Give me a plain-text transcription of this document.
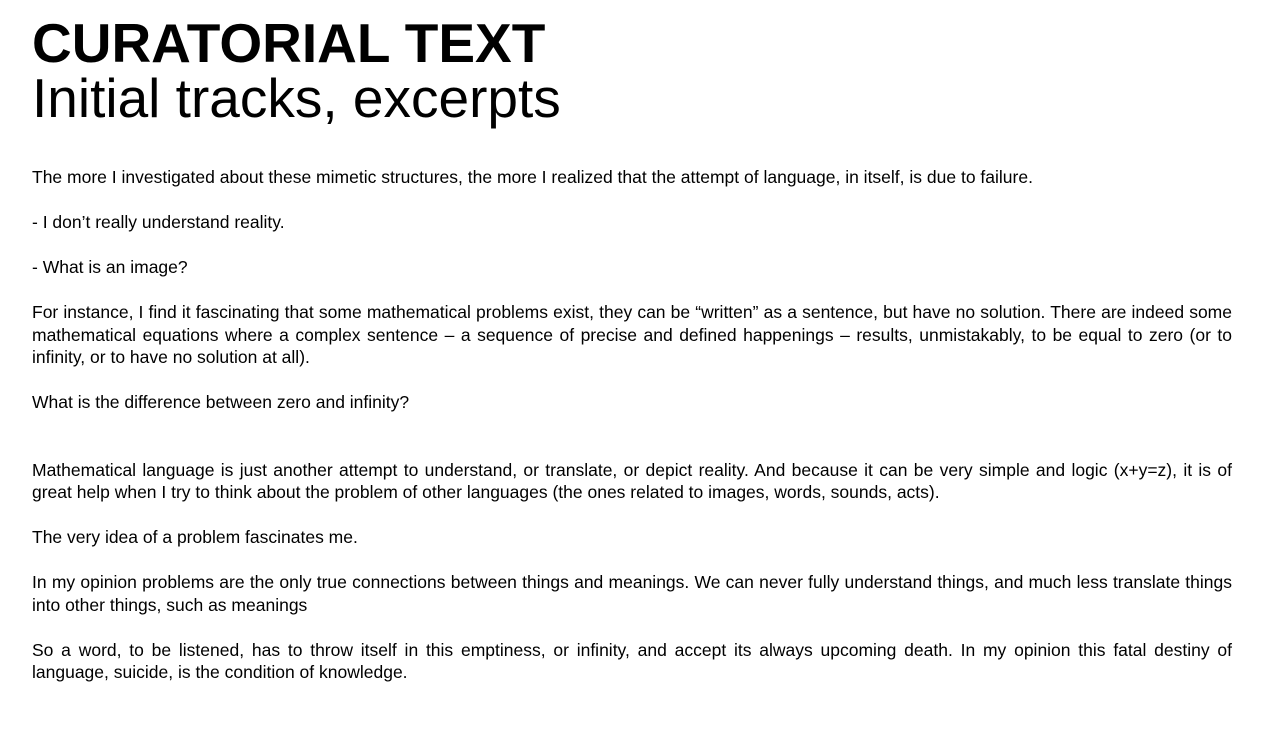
CURATORIAL TEXT
Initial tracks, excerpts

The more I investigated about these mimetic structures, the more I realized that the attempt of language, in itself, is due to failure.

- I don’t really understand reality.

- What is an image?

For instance, I find it fascinating that some mathematical problems exist, they can be “written” as a sentence, but have no solution. There are indeed some mathematical equations where a complex sentence – a sequence of precise and defined happenings – results, unmistakably, to be equal to zero (or to infinity, or to have no solution at all).

What is the difference between zero and infinity?

Mathematical language is just another attempt to understand, or translate, or depict reality. And because it can be very simple and logic (x+y=z), it is of great help when I try to think about the problem of other languages (the ones related to images, words, sounds, acts).

The very idea of a problem fascinates me.

In my opinion problems are the only true connections between things and meanings. We can never fully understand things, and much less translate things into other things, such as meanings

So a word, to be listened, has to throw itself in this emptiness, or infinity, and accept its always upcoming death. In my opinion this fatal destiny of language, suicide, is the condition of knowledge.
